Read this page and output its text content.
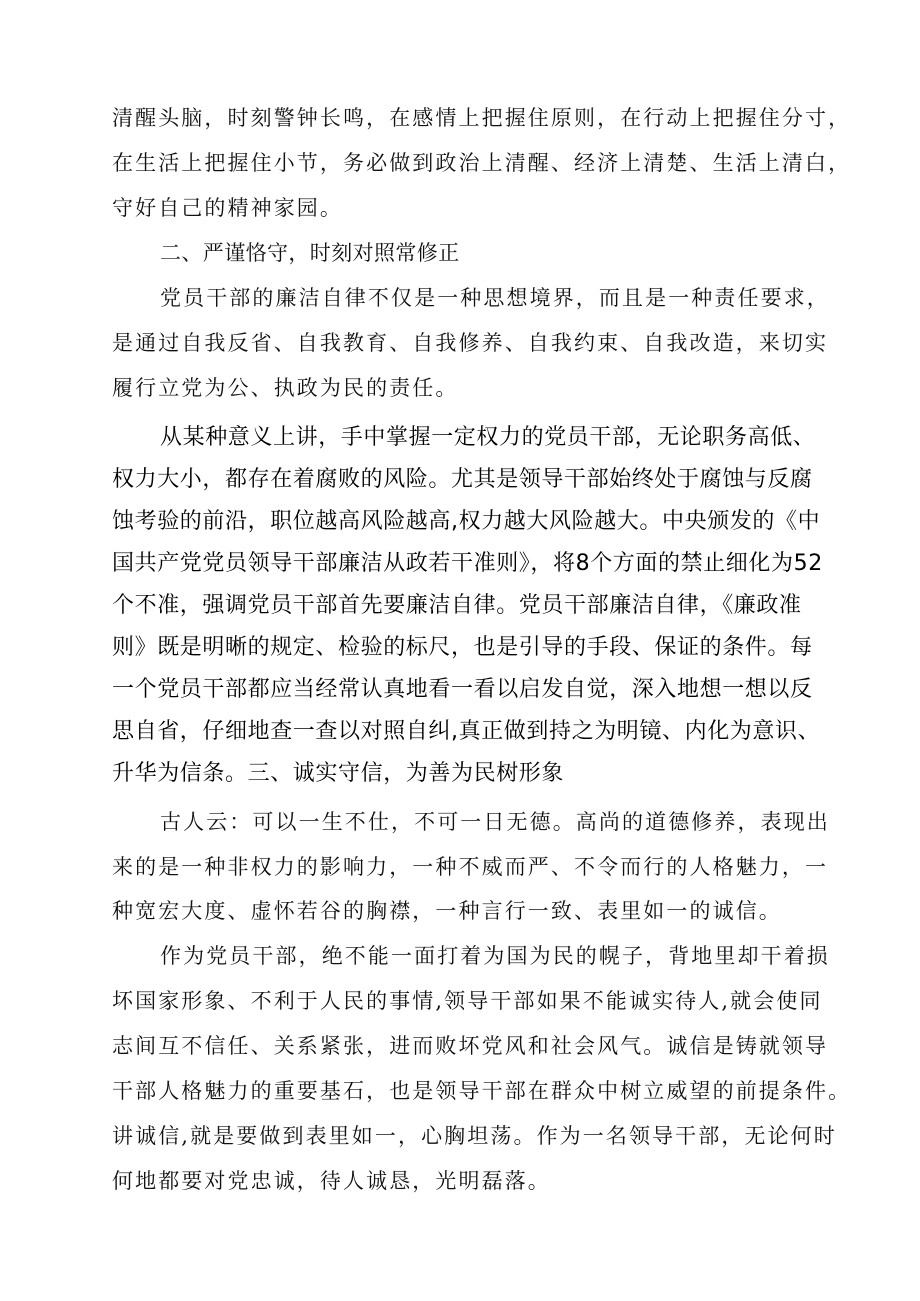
清醒头脑，时刻警钟长鸣，在感情上把握住原则，在行动上把握住分寸，
在生活上把握住小节，务必做到政治上清醒、经济上清楚、生活上清白，
守好自己的精神家园。
二、严谨恪守，时刻对照常修正
党员干部的廉洁自律不仅是一种思想境界，而且是一种责任要求，
是通过自我反省、自我教育、自我修养、自我约束、自我改造，来切实
履行立党为公、执政为民的责任。
从某种意义上讲，手中掌握一定权力的党员干部，无论职务高低、
权力大小，都存在着腐败的风险。尤其是领导干部始终处于腐蚀与反腐
蚀考验的前沿，职位越高风险越高,权力越大风险越大。中央颁发的《中
国共产党党员领导干部廉洁从政若干准则》，将8个方面的禁止细化为52
个不准，强调党员干部首先要廉洁自律。党员干部廉洁自律，《廉政准
则》既是明晰的规定、检验的标尺，也是引导的手段、保证的条件。每
一个党员干部都应当经常认真地看一看以启发自觉，深入地想一想以反
思自省，仔细地查一查以对照自纠,真正做到持之为明镜、内化为意识、
升华为信条。三、诚实守信，为善为民树形象
古人云：可以一生不仕，不可一日无德。高尚的道德修养，表现出
来的是一种非权力的影响力，一种不威而严、不令而行的人格魅力，一
种宽宏大度、虚怀若谷的胸襟，一种言行一致、表里如一的诚信。
作为党员干部，绝不能一面打着为国为民的幌子，背地里却干着损
坏国家形象、不利于人民的事情,领导干部如果不能诚实待人,就会使同
志间互不信任、关系紧张，进而败坏党风和社会风气。诚信是铸就领导
干部人格魅力的重要基石，也是领导干部在群众中树立威望的前提条件。
讲诚信,就是要做到表里如一，心胸坦荡。作为一名领导干部，无论何时
何地都要对党忠诚，待人诚恳，光明磊落。
